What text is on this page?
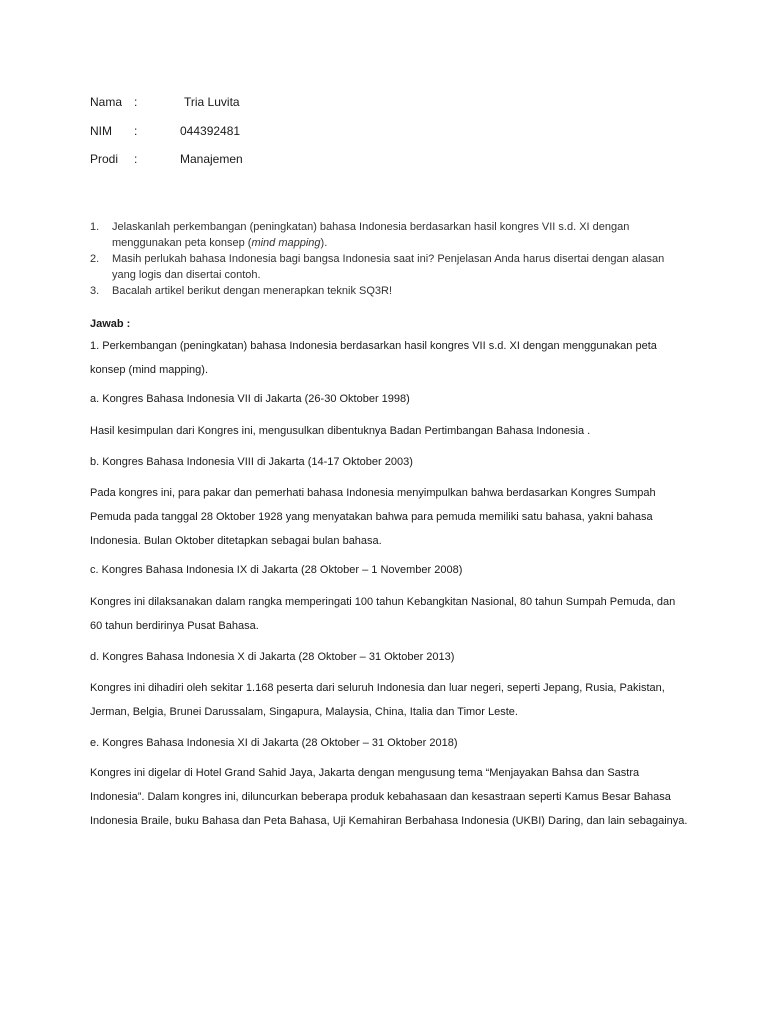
Nama :	Tria Luvita
NIM	:	044392481
Prodi	:	Manajemen
1. Jelaskanlah perkembangan (peningkatan) bahasa Indonesia berdasarkan hasil kongres VII s.d. XI dengan menggunakan peta konsep (mind mapping).
2. Masih perlukah bahasa Indonesia bagi bangsa Indonesia saat ini? Penjelasan Anda harus disertai dengan alasan yang logis dan disertai contoh.
3. Bacalah artikel berikut dengan menerapkan teknik SQ3R!
Jawab :
1. Perkembangan (peningkatan) bahasa Indonesia berdasarkan hasil kongres VII s.d. XI dengan menggunakan peta konsep (mind mapping).
a. Kongres Bahasa Indonesia VII di Jakarta (26-30 Oktober 1998)
Hasil kesimpulan dari Kongres ini, mengusulkan dibentuknya Badan Pertimbangan Bahasa Indonesia .
b. Kongres Bahasa Indonesia VIII di Jakarta (14-17 Oktober 2003)
Pada kongres ini, para pakar dan pemerhati bahasa Indonesia menyimpulkan bahwa berdasarkan Kongres Sumpah Pemuda pada tanggal 28 Oktober 1928 yang menyatakan bahwa para pemuda memiliki satu bahasa, yakni bahasa Indonesia. Bulan Oktober ditetapkan sebagai bulan bahasa.
c. Kongres Bahasa Indonesia IX di Jakarta (28 Oktober – 1 November 2008)
Kongres ini dilaksanakan dalam rangka memperingati 100 tahun Kebangkitan Nasional, 80 tahun Sumpah Pemuda, dan 60 tahun berdirinya Pusat Bahasa.
d. Kongres Bahasa Indonesia X di Jakarta (28 Oktober – 31 Oktober 2013)
Kongres ini dihadiri oleh sekitar 1.168 peserta dari seluruh Indonesia dan luar negeri, seperti Jepang, Rusia, Pakistan, Jerman, Belgia, Brunei Darussalam, Singapura, Malaysia, China, Italia dan Timor Leste.
e. Kongres Bahasa Indonesia XI di Jakarta (28 Oktober – 31 Oktober 2018)
Kongres ini digelar di Hotel Grand Sahid Jaya, Jakarta dengan mengusung tema “Menjayakan Bahsa dan Sastra Indonesia”. Dalam kongres ini, diluncurkan beberapa produk kebahasaan dan kesastraan seperti Kamus Besar Bahasa Indonesia Braile, buku Bahasa dan Peta Bahasa, Uji Kemahiran Berbahasa Indonesia (UKBI) Daring, dan lain sebagainya.
